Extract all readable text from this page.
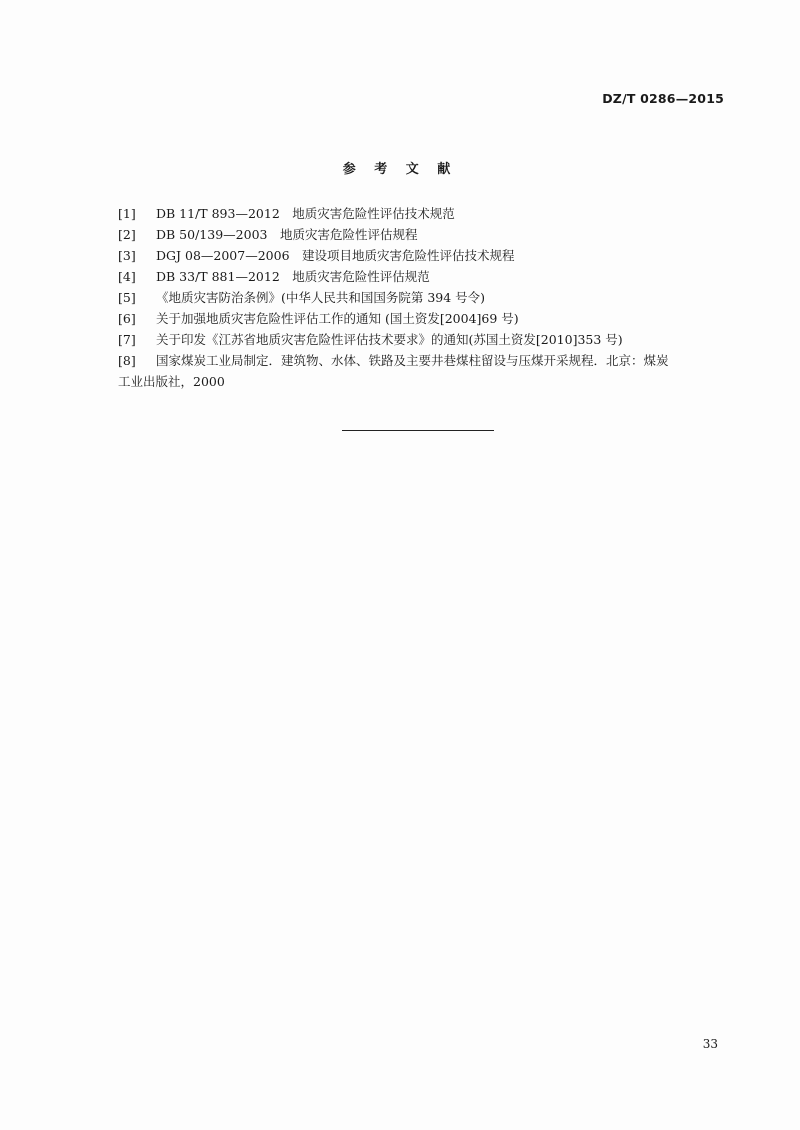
DZ/T 0286—2015
参 考 文 献
[1]	DB 11/T 893—2012　地质灾害危险性评估技术规范
[2]	DB 50/139—2003　地质灾害危险性评估规程
[3]	DGJ 08—2007—2006　建设项目地质灾害危险性评估技术规程
[4]	DB 33/T 881—2012　地质灾害危险性评估规范
[5]	《地质灾害防治条例》(中华人民共和国国务院第 394 号令)
[6]	关于加强地质灾害危险性评估工作的通知 (国土资发[2004]69 号)
[7]	关于印发《江苏省地质灾害危险性评估技术要求》的通知(苏国土资发[2010]353 号)
[8]	国家煤炭工业局制定．建筑物、水体、铁路及主要井巷煤柱留设与压煤开采规程．北京：煤炭
工业出版社，2000
33
